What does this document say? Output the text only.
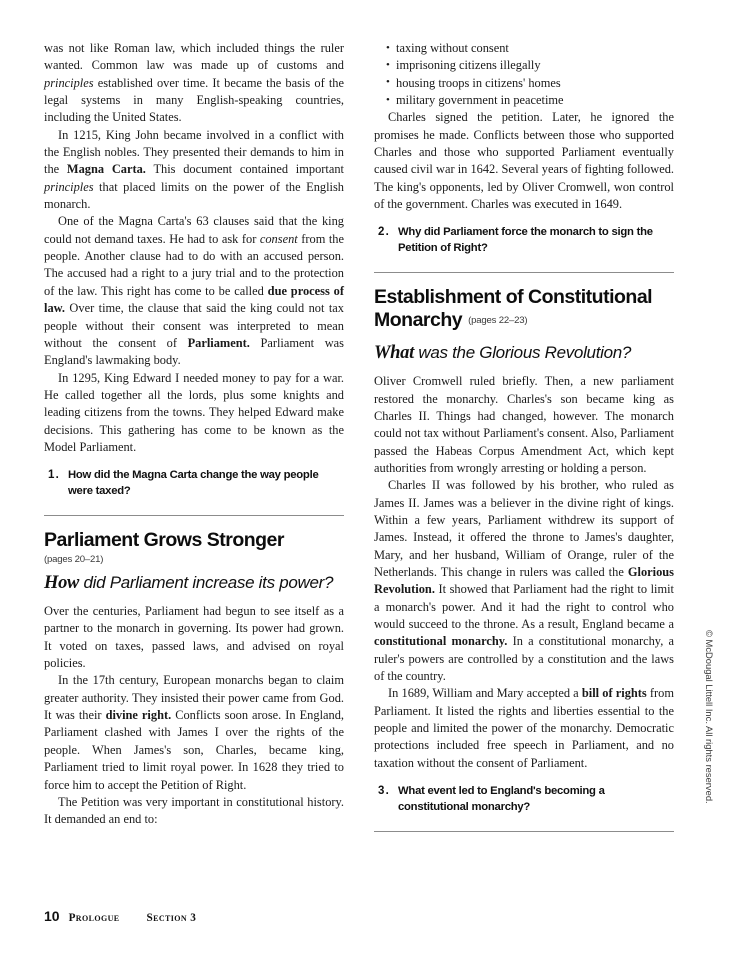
was not like Roman law, which included things the ruler wanted. Common law was made up of customs and principles established over time. It became the basis of the legal systems in many English-speaking countries, including the United States.

In 1215, King John became involved in a conflict with the English nobles. They presented their demands to him in the Magna Carta. This document contained important principles that placed limits on the power of the English monarch.

One of the Magna Carta's 63 clauses said that the king could not demand taxes. He had to ask for consent from the people. Another clause had to do with an accused person. The accused had a right to a jury trial and to the protection of the law. This right has come to be called due process of law. Over time, the clause that said the king could not tax people without their consent was interpreted to mean without the consent of Parliament. Parliament was England's lawmaking body.

In 1295, King Edward I needed money to pay for a war. He called together all the lords, plus some knights and leading citizens from the towns. They helped Edward make decisions. This gathering has come to be known as the Model Parliament.

1. How did the Magna Carta change the way people were taxed?
Parliament Grows Stronger
(pages 20–21)
How did Parliament increase its power?

Over the centuries, Parliament had begun to see itself as a partner to the monarch in governing. Its power had grown. It voted on taxes, passed laws, and advised on royal policies.

In the 17th century, European monarchs began to claim greater authority. They insisted their power came from God. It was their divine right. Conflicts soon arose. In England, Parliament clashed with James I over the rights of the people. When James's son, Charles, became king, Parliament tried to limit royal power. In 1628 they tried to force him to accept the Petition of Right.

The Petition was very important in constitutional history. It demanded an end to:

• taxing without consent
• imprisoning citizens illegally
• housing troops in citizens' homes
• military government in peacetime

Charles signed the petition. Later, he ignored the promises he made. Conflicts between those who supported Charles and those who supported Parliament eventually caused civil war in 1642. Several years of fighting followed. The king's opponents, led by Oliver Cromwell, won control of the government. Charles was executed in 1649.

2. Why did Parliament force the monarch to sign the Petition of Right?
Establishment of Constitutional Monarchy (pages 22–23)
What was the Glorious Revolution?

Oliver Cromwell ruled briefly. Then, a new parliament restored the monarchy. Charles's son became king as Charles II. Things had changed, however. The monarch could not tax without Parliament's consent. Also, Parliament passed the Habeas Corpus Amendment Act, which kept authorities from wrongly arresting or holding a person.

Charles II was followed by his brother, who ruled as James II. James was a believer in the divine right of kings. Within a few years, Parliament withdrew its support of James. Instead, it offered the throne to James's daughter, Mary, and her husband, William of Orange, ruler of the Netherlands. This change in rulers was called the Glorious Revolution. It showed that Parliament had the right to limit a monarch's power. And it had the right to control who would succeed to the throne. As a result, England became a constitutional monarchy. In a constitutional monarchy, a ruler's powers are controlled by a constitution and the laws of the country.

In 1689, William and Mary accepted a bill of rights from Parliament. It listed the rights and liberties essential to the people and limited the power of the monarchy. Democratic protections included free speech in Parliament, and no taxation without the consent of Parliament.

3. What event led to England's becoming a constitutional monarchy?
10 Prologue Section 3
© McDougal Littell Inc. All rights reserved.
